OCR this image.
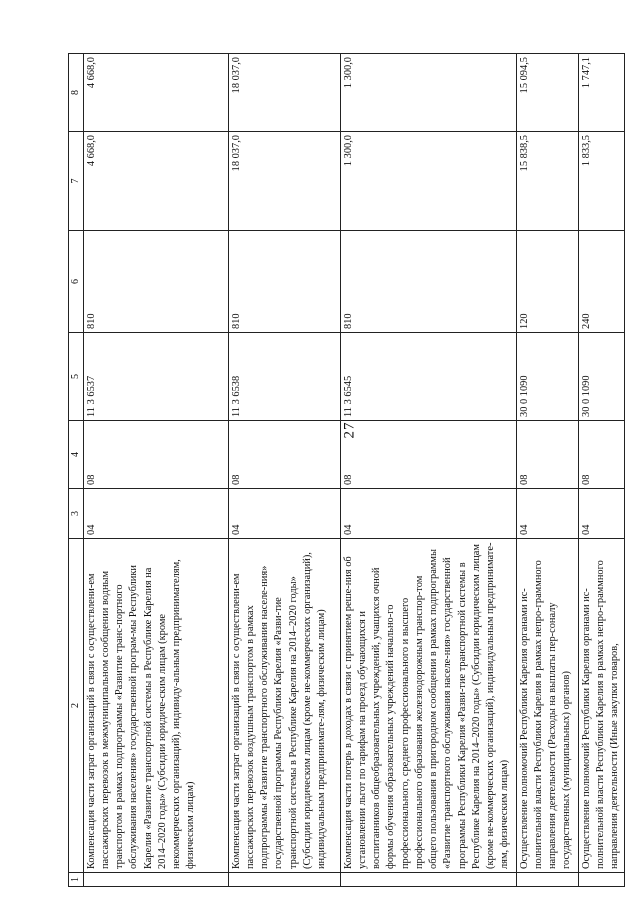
27
1	2	3	4	5	6	7	8
	Компенсация части затрат организаций в связи с осуществлени-ем пассажирских перевозок в межмуниципальном сообщении водным транспортом в рамках подпрограммы «Развитие транс-портного обслуживания населения» государственной програм-мы Республики Карелия «Развитие транспортной системы в Республике Карелия на 2014–2020 годы» (Субсидии юридиче-ским лицам (кроме некоммерческих организаций), индивиду-альным предпринимателям, физическим лицам)	04	08	11 3 6537	810	4 668,0	4 668,0
	Компенсация части затрат организаций в связи с осуществлени-ем пассажирских перевозок воздушным транспортом в рамках подпрограммы «Развитие транспортного обслуживания населе-ния» государственной программы Республики Карелия «Разви-тие транспортной системы в Республике Карелия на 2014–2020 годы» (Субсидии юридическим лицам (кроме не-коммерческих организаций), индивидуальным предпринимате-лям, физическим лицам)	04	08	11 3 6538	810	18 037,0	18 037,0
	Компенсация части потерь в доходах в связи с принятием реше-ния об установлении льгот по тарифам на проезд обучающихся и воспитанников общеобразовательных учреждений, учащихся очной формы обучения образовательных учреждений начально-го профессионального, среднего профессионального и высшего профессионального образования железнодорожным транспор-том общего пользования в пригородном сообщении в рамках подпрограммы «Развитие транспортного обслуживания населе-ния» государственной программы Республики Карелия «Разви-тие транспортной системы в Республике Карелия на 2014–2020 годы» (Субсидии юридическим лицам (кроме не-коммерческих организаций), индивидуальным предпринимате-лям, физическим лицам)	04	08	11 3 6545	810	1 300,0	1 300,0
	Осуществление полномочий Республики Карелия органами ис-полнительной власти Республики Карелия в рамках непро-граммного направления деятельности (Расходы на выплаты пер-соналу государственных (муниципальных) органов)	04	08	30 0 1090	120	15 838,5	15 094,5
	Осуществление полномочий Республики Карелия органами ис-полнительной власти Республики Карелия в рамках непро-граммного направления деятельности (Иные закупки товаров,	04	08	30 0 1090	240	1 833,5	1 747,1
